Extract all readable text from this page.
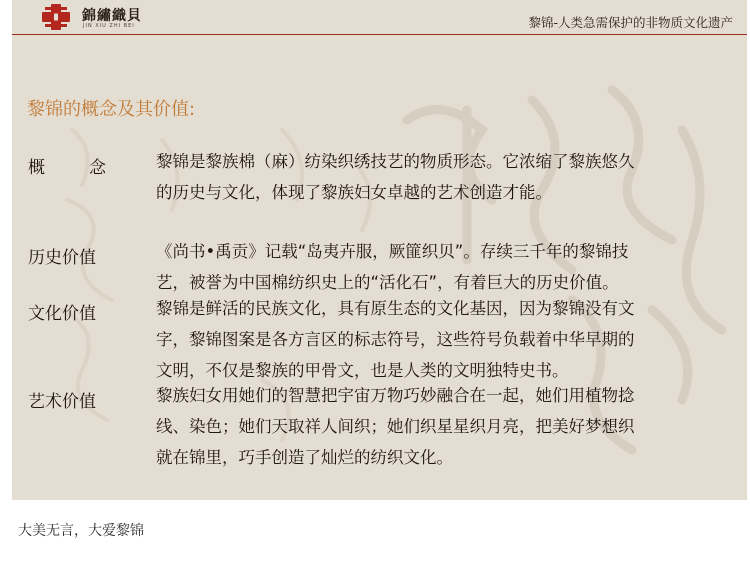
錦繡織貝
JIN XIU ZHI BEI	黎锦-人类急需保护的非物质文化遗产
黎锦的概念及其价值:
概	念	黎锦是黎族棉（麻）纺染织绣技艺的物质形态。它浓缩了黎族悠久
的历史与文化，体现了黎族妇女卓越的艺术创造才能。
历史价值	《尚书•禹贡》记载“岛夷卉服，厥篚织贝”。存续三千年的黎锦技
艺，被誉为中国棉纺织史上的“活化石”，有着巨大的历史价值。
文化价值	黎锦是鲜活的民族文化，具有原生态的文化基因，因为黎锦没有文
字，黎锦图案是各方言区的标志符号，这些符号负载着中华早期的
文明，不仅是黎族的甲骨文，也是人类的文明独特史书。
艺术价值	黎族妇女用她们的智慧把宇宙万物巧妙融合在一起，她们用植物捻
线、染色；她们天取祥人间织；她们织星星织月亮，把美好梦想织
就在锦里，巧手创造了灿烂的纺织文化。
大美无言，大爱黎锦
